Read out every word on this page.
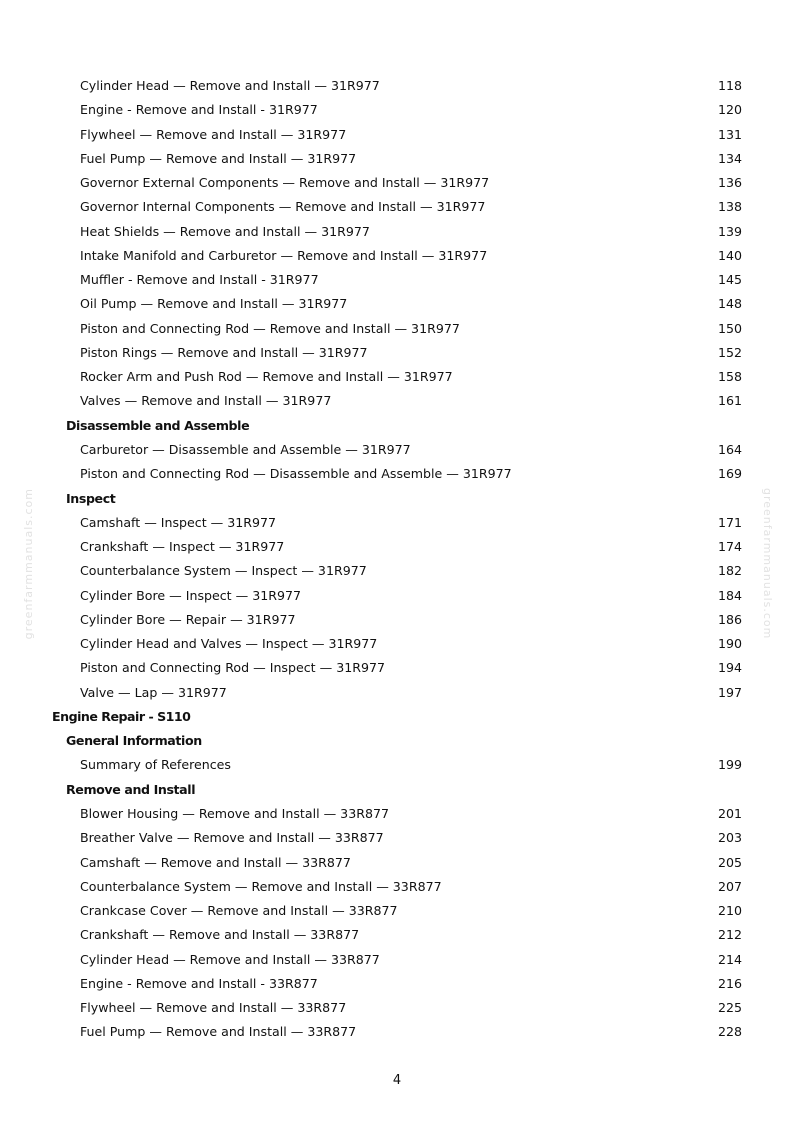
Cylinder Head — Remove and Install — 31R977	118
Engine - Remove and Install - 31R977	120
Flywheel — Remove and Install — 31R977	131
Fuel Pump — Remove and Install — 31R977	134
Governor External Components — Remove and Install — 31R977	136
Governor Internal Components — Remove and Install — 31R977	138
Heat Shields — Remove and Install — 31R977	139
Intake Manifold and Carburetor — Remove and Install — 31R977	140
Muffler - Remove and Install - 31R977	145
Oil Pump — Remove and Install — 31R977	148
Piston and Connecting Rod — Remove and Install — 31R977	150
Piston Rings — Remove and Install — 31R977	152
Rocker Arm and Push Rod — Remove and Install — 31R977	158
Valves — Remove and Install — 31R977	161
Disassemble and Assemble
Carburetor — Disassemble and Assemble — 31R977	164
Piston and Connecting Rod — Disassemble and Assemble — 31R977	169
Inspect
Camshaft — Inspect — 31R977	171
Crankshaft — Inspect — 31R977	174
Counterbalance System — Inspect — 31R977	182
Cylinder Bore — Inspect — 31R977	184
Cylinder Bore — Repair — 31R977	186
Cylinder Head and Valves — Inspect — 31R977	190
Piston and Connecting Rod — Inspect — 31R977	194
Valve — Lap — 31R977	197
Engine Repair - S110
General Information
Summary of References	199
Remove and Install
Blower Housing — Remove and Install — 33R877	201
Breather Valve — Remove and Install — 33R877	203
Camshaft — Remove and Install — 33R877	205
Counterbalance System — Remove and Install — 33R877	207
Crankcase Cover — Remove and Install — 33R877	210
Crankshaft — Remove and Install — 33R877	212
Cylinder Head — Remove and Install — 33R877	214
Engine - Remove and Install - 33R877	216
Flywheel — Remove and Install — 33R877	225
Fuel Pump — Remove and Install — 33R877	228
greenfarmmanuals.com	greenfarmmanuals.com
4
